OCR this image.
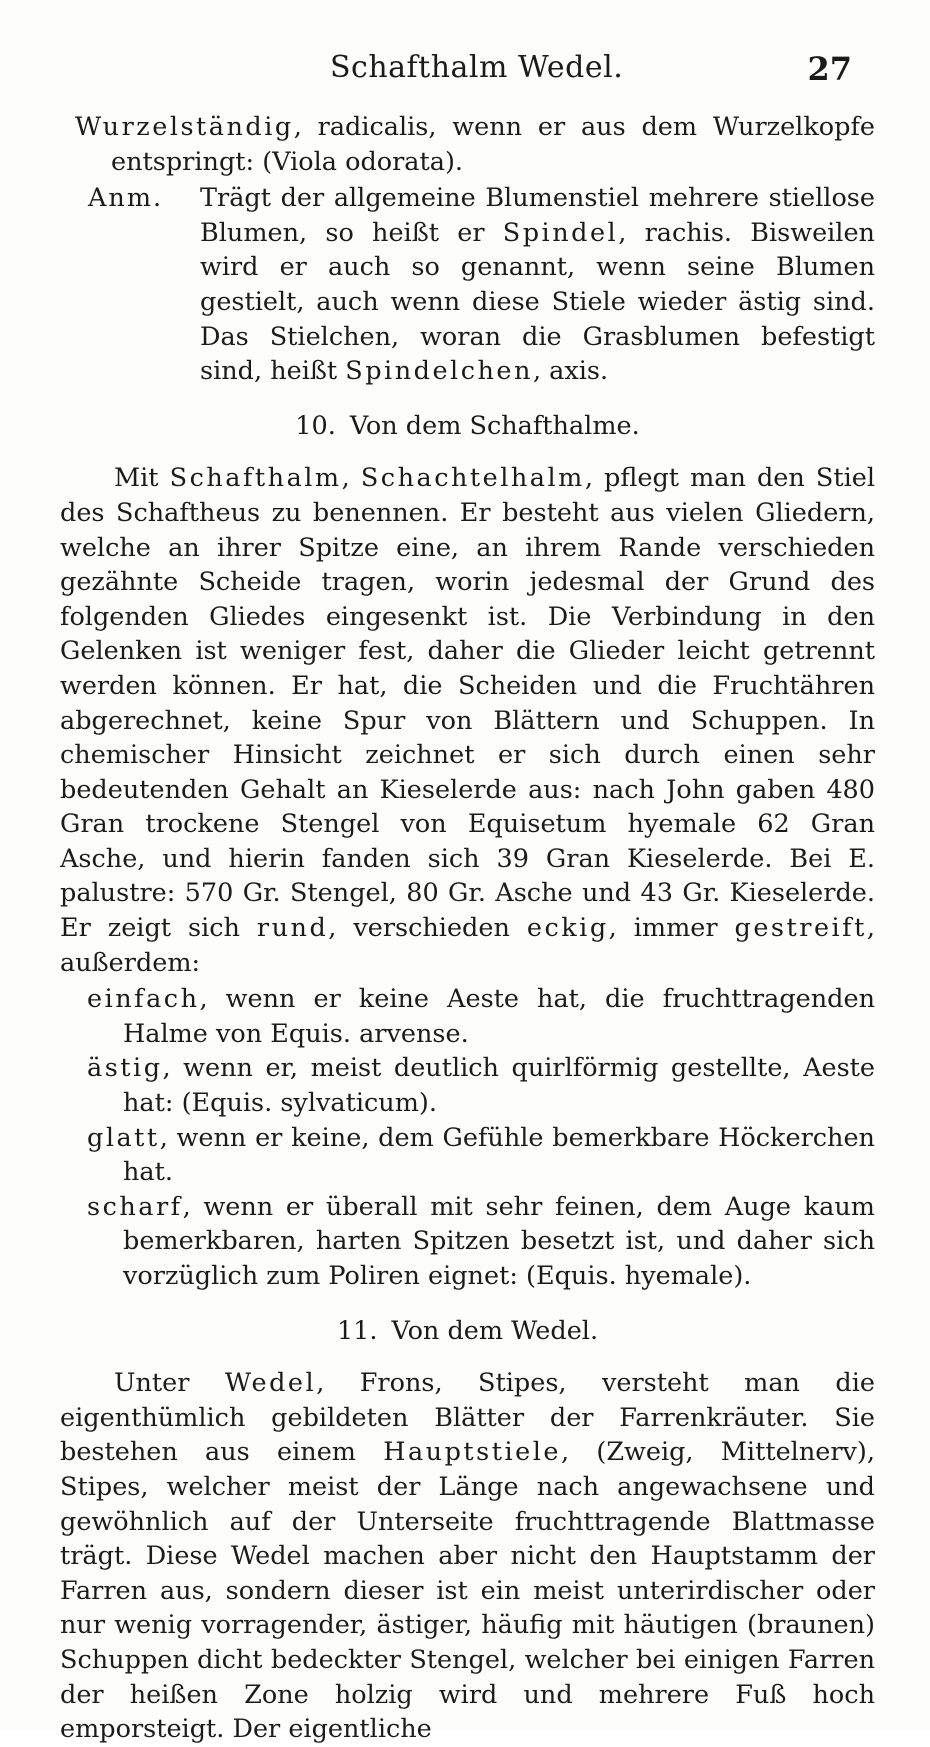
Schafthalm Wedel.	27

Wurzelständig, radicalis, wenn er aus dem Wurzelkopfe entspringt: (Viola odorata).

Anm.	Trägt der allgemeine Blumenstiel mehrere stiellose Blumen, so heißt er Spindel, rachis. Bisweilen wird er auch so genannt, wenn seine Blumen gestielt, auch wenn diese Stiele wieder ästig sind. Das Stielchen, woran die Grasblumen befestigt sind, heißt Spindelchen, axis.

10. Von dem Schafthalme.

Mit Schafthalm, Schachtelhalm, pflegt man den Stiel des Schaftheus zu benennen. Er besteht aus vielen Gliedern, welche an ihrer Spitze eine, an ihrem Rande verschieden gezähnte Scheide tragen, worin jedesmal der Grund des folgenden Gliedes eingesenkt ist. Die Verbindung in den Gelenken ist weniger fest, daher die Glieder leicht getrennt werden können. Er hat, die Scheiden und die Fruchtähren abgerechnet, keine Spur von Blättern und Schuppen. In chemischer Hinsicht zeichnet er sich durch einen sehr bedeutenden Gehalt an Kieselerde aus: nach John gaben 480 Gran trockene Stengel von Equisetum hyemale 62 Gran Asche, und hierin fanden sich 39 Gran Kieselerde. Bei E. palustre: 570 Gr. Stengel, 80 Gr. Asche und 43 Gr. Kieselerde. Er zeigt sich rund, verschieden eckig, immer gestreift, außerdem:

einfach, wenn er keine Aeste hat, die fruchttragenden Halme von Equis. arvense.

ästig, wenn er, meist deutlich quirlförmig gestellte, Aeste hat: (Equis. sylvaticum).

glatt, wenn er keine, dem Gefühle bemerkbare Höckerchen hat.

scharf, wenn er überall mit sehr feinen, dem Auge kaum bemerkbaren, harten Spitzen besetzt ist, und daher sich vorzüglich zum Poliren eignet: (Equis. hyemale).

11. Von dem Wedel.

Unter Wedel, Frons, Stipes, versteht man die eigenthümlich gebildeten Blätter der Farrenkräuter. Sie bestehen aus einem Hauptstiele, (Zweig, Mittelnerv), Stipes, welcher meist der Länge nach angewachsene und gewöhnlich auf der Unterseite fruchttragende Blattmasse trägt. Diese Wedel machen aber nicht den Hauptstamm der Farren aus, sondern dieser ist ein meist unterirdischer oder nur wenig vorragender, ästiger, häufig mit häutigen (braunen) Schuppen dicht bedeckter Stengel, welcher bei einigen Farren der heißen Zone holzig wird und mehrere Fuß hoch emporsteigt. Der eigentliche
